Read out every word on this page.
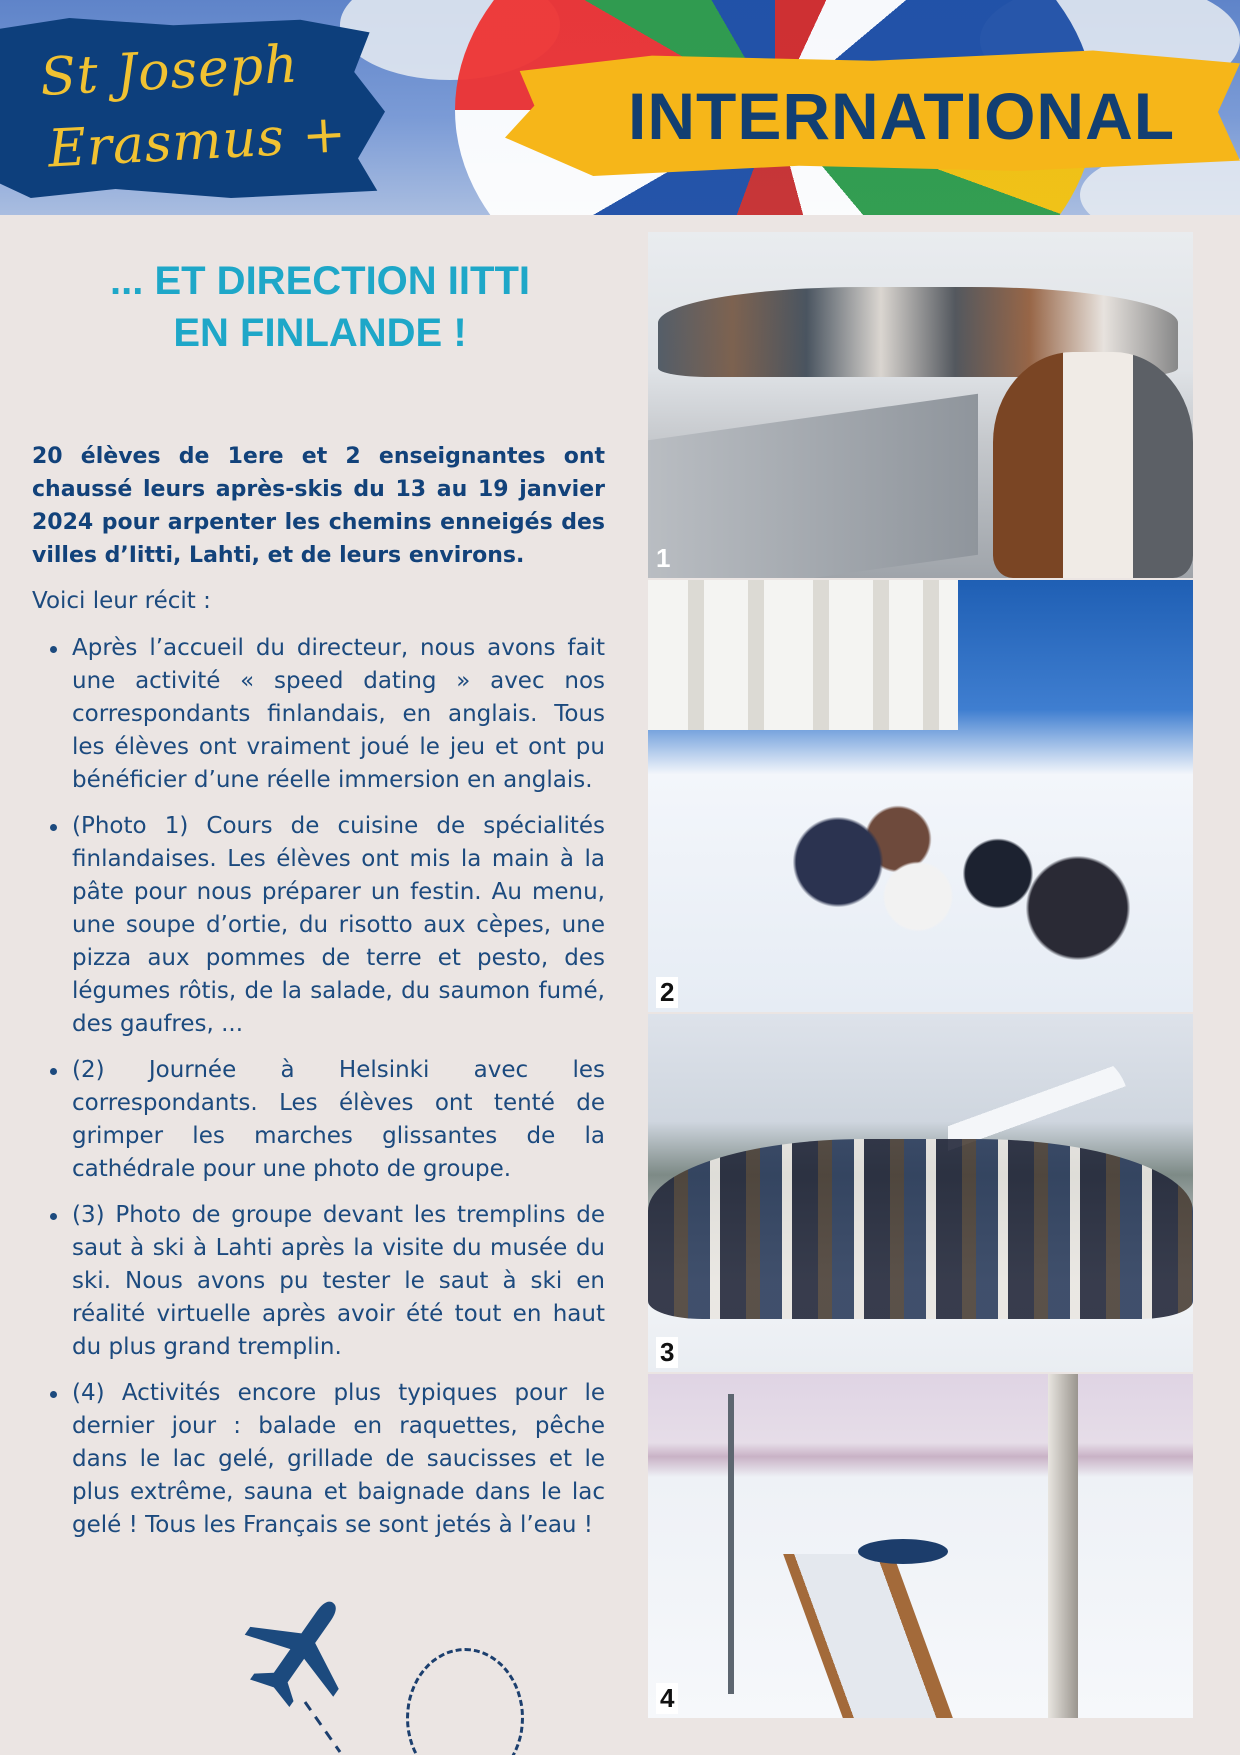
St Joseph
Erasmus +	INTERNATIONAL
... ET DIRECTION IITTI
EN FINLANDE !

20 élèves de 1ere et 2 enseignantes ont chaussé leurs après-skis du 13 au 19 janvier 2024 pour arpenter les chemins enneigés des villes d’Iitti, Lahti, et de leurs environs.

Voici leur récit :

Après l’accueil du directeur, nous avons fait une activité « speed dating » avec nos correspondants finlandais, en anglais. Tous les élèves ont vraiment joué le jeu et ont pu bénéficier d’une réelle immersion en anglais.
(Photo 1) Cours de cuisine de spécialités finlandaises. Les élèves ont mis la main à la pâte pour nous préparer un festin. Au menu, une soupe d’ortie, du risotto aux cèpes, une pizza aux pommes de terre et pesto, des légumes rôtis, de la salade, du saumon fumé, des gaufres, ...
(2) Journée à Helsinki avec les correspondants. Les élèves ont tenté de grimper les marches glissantes de la cathédrale pour une photo de groupe.
(3) Photo de groupe devant les tremplins de saut à ski à Lahti après la visite du musée du ski. Nous avons pu tester le saut à ski en réalité virtuelle après avoir été tout en haut du plus grand tremplin.
(4) Activités encore plus typiques pour le dernier jour : balade en raquettes, pêche dans le lac gelé, grillade de saucisses et le plus extrême, sauna et baignade dans le lac gelé ! Tous les Français se sont jetés à l’eau !
1
2
3
4
